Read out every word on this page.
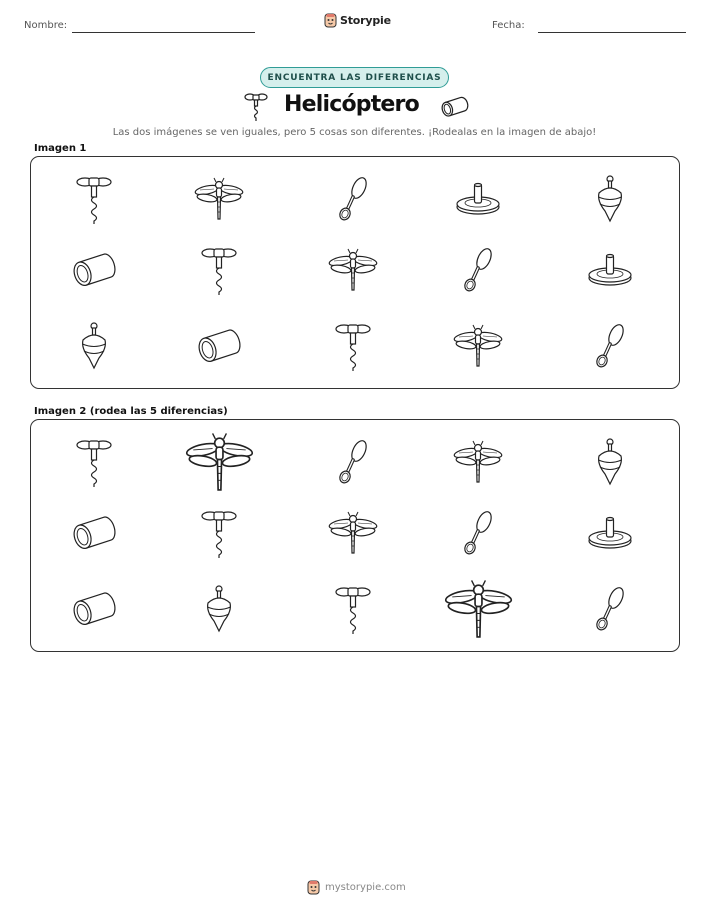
Nombre:	Storypie	Fecha:
ENCUENTRA LAS DIFERENCIAS
Helicóptero
Las dos imágenes se ven iguales, pero 5 cosas son diferentes. ¡Rodealas en la imagen de abajo!
Imagen 1
Imagen 2 (rodea las 5 diferencias)
mystorypie.com
